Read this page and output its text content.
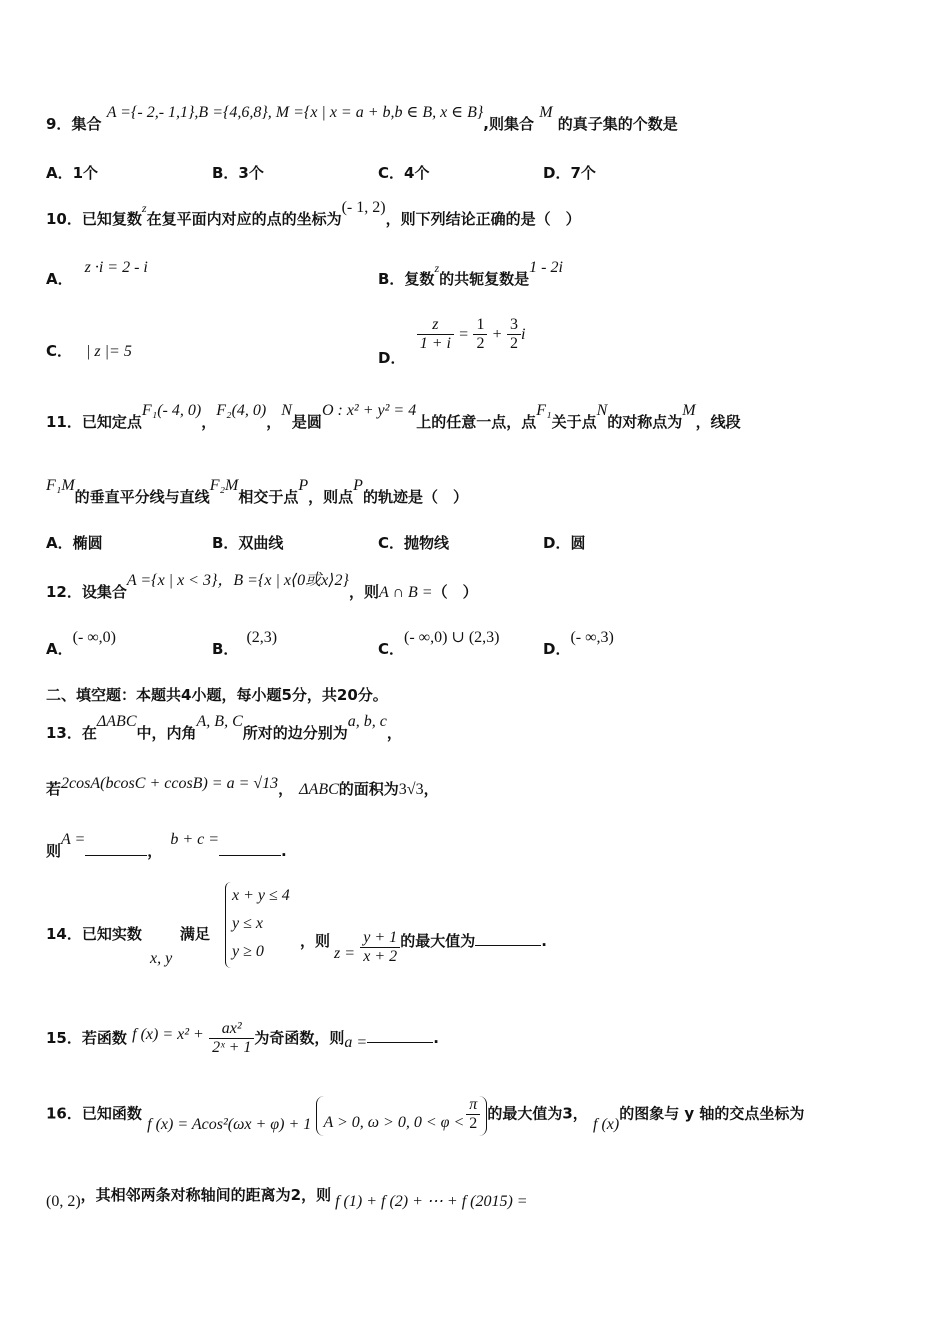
9．集合 A ={- 2,- 1,1},B ={4,6,8}, M ={x | x = a + b,b ∈ B, x ∈ B},则集合 M 的真子集的个数是
A．1个	B．3个	C．4个	D．7个
10．已知复数$^z$在复平面内对应的点的坐标为(- 1, 2)，则下列结论正确的是（　）
A．z ·i = 2 - i
B．复数$^z$的共轭复数是1 - 2i
C． | z |= 5	D．
$\frac{z}{1 + i} = \frac{1}{2} + \frac{3}{2}$ i
11．已知定点F₁(- 4, 0)，F₂(4, 0)，N是圆O : x² + y² = 4上的任意一点，点F₁关于点N的对称点为M，线段
F₁M的垂直平分线与直线F₂M相交于点P，则点P的轨迹是（　）
A．椭圆	B．双曲线	C．抛物线	D．圆
12．设集合A ={x | x < 3}，B ={x | x⟨0或x⟩2}，则A ∩ B =（　）
A．(- ∞,0)
B．(2,3)
C．(- ∞,0) ∪ (2,3)
D．(- ∞,3)
二、填空题：本题共4小题，每小题5分，共20分。
13．在ΔABC中，内角A, B, C所对的边分别为a, b, c，
若2cosA(bcosC + ccosB) = a = √13， ΔABC的面积为3√3，
则A =，b + c =.
14．已知实数	满足
x, y
x + y ≤ 4
y ≤ x
y ≥ 0
，则$z = \frac{y + 1}{x + 2}$ 的最大值为	.
15．若函数 f $(x) = x^2 + \frac{\text{ax²}}{\text{2ˣ + 1}}$ 为奇函数，则a =	.
16．已知函数 f (x) = Acos²(ωx + φ) + 1 A > 0, ω > 0, $0 < \varphi < \frac{\pi}{2}$ 的最大值为3， f (x)的图象与 y 轴的交点坐标为
(0, 2)，其相邻两条对称轴间的距离为2，则 f (1) + f (2) + ⋯ + f (2015) =
